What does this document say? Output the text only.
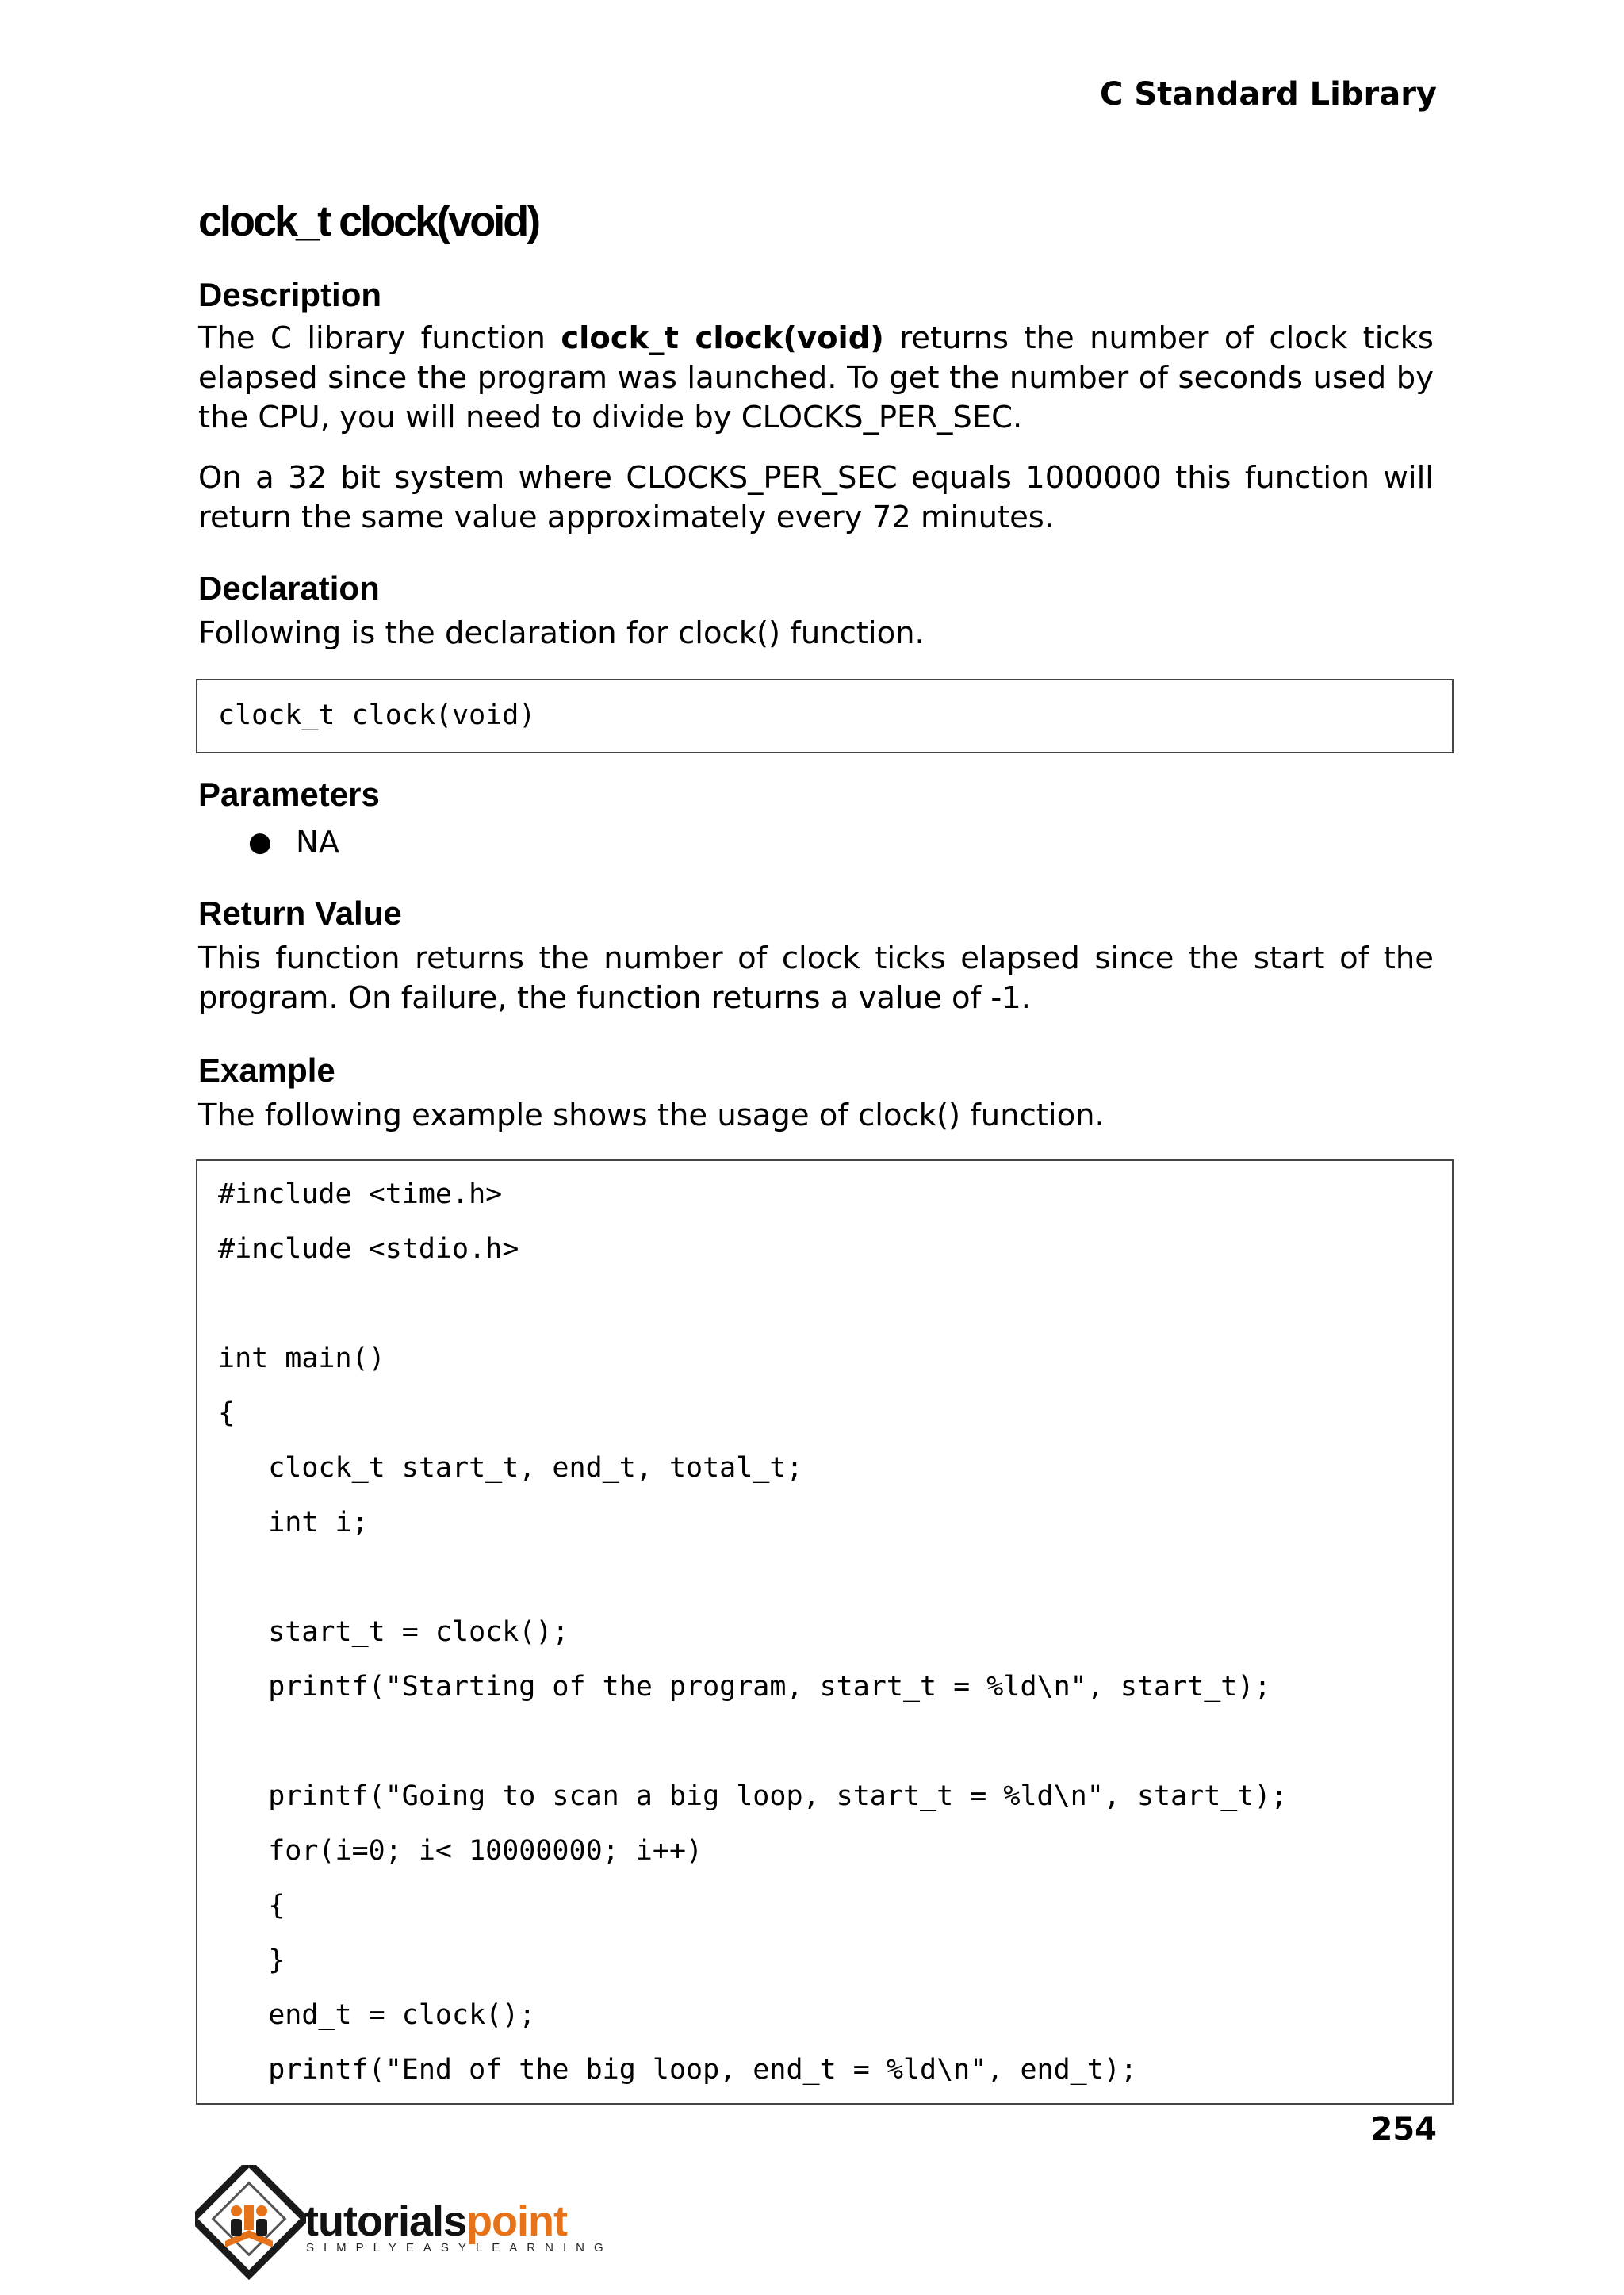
C Standard Library
clock_t clock(void)
Description

The C library function clock_t clock(void) returns the number of clock ticks elapsed since the program was launched. To get the number of seconds used by the CPU, you will need to divide by CLOCKS_PER_SEC.

On a 32 bit system where CLOCKS_PER_SEC equals 1000000 this function will return the same value approximately every 72 minutes.

Declaration

Following is the declaration for clock() function.

clock_t clock(void)
Parameters
● NA
Return Value

This function returns the number of clock ticks elapsed since the start of the program. On failure, the function returns a value of -1.

Example

The following example shows the usage of clock() function.

#include <time.h>
#include <stdio.h>
int main()
{
clock_t start_t, end_t, total_t;
int i;
start_t = clock();
printf("Starting of the program, start_t = %ld\n", start_t);
printf("Going to scan a big loop, start_t = %ld\n", start_t);
for(i=0; i< 10000000; i++)
{
}
end_t = clock();
printf("End of the big loop, end_t = %ld\n", end_t);
254
tutorialspoint
SIMPLYEASYLEARNING
